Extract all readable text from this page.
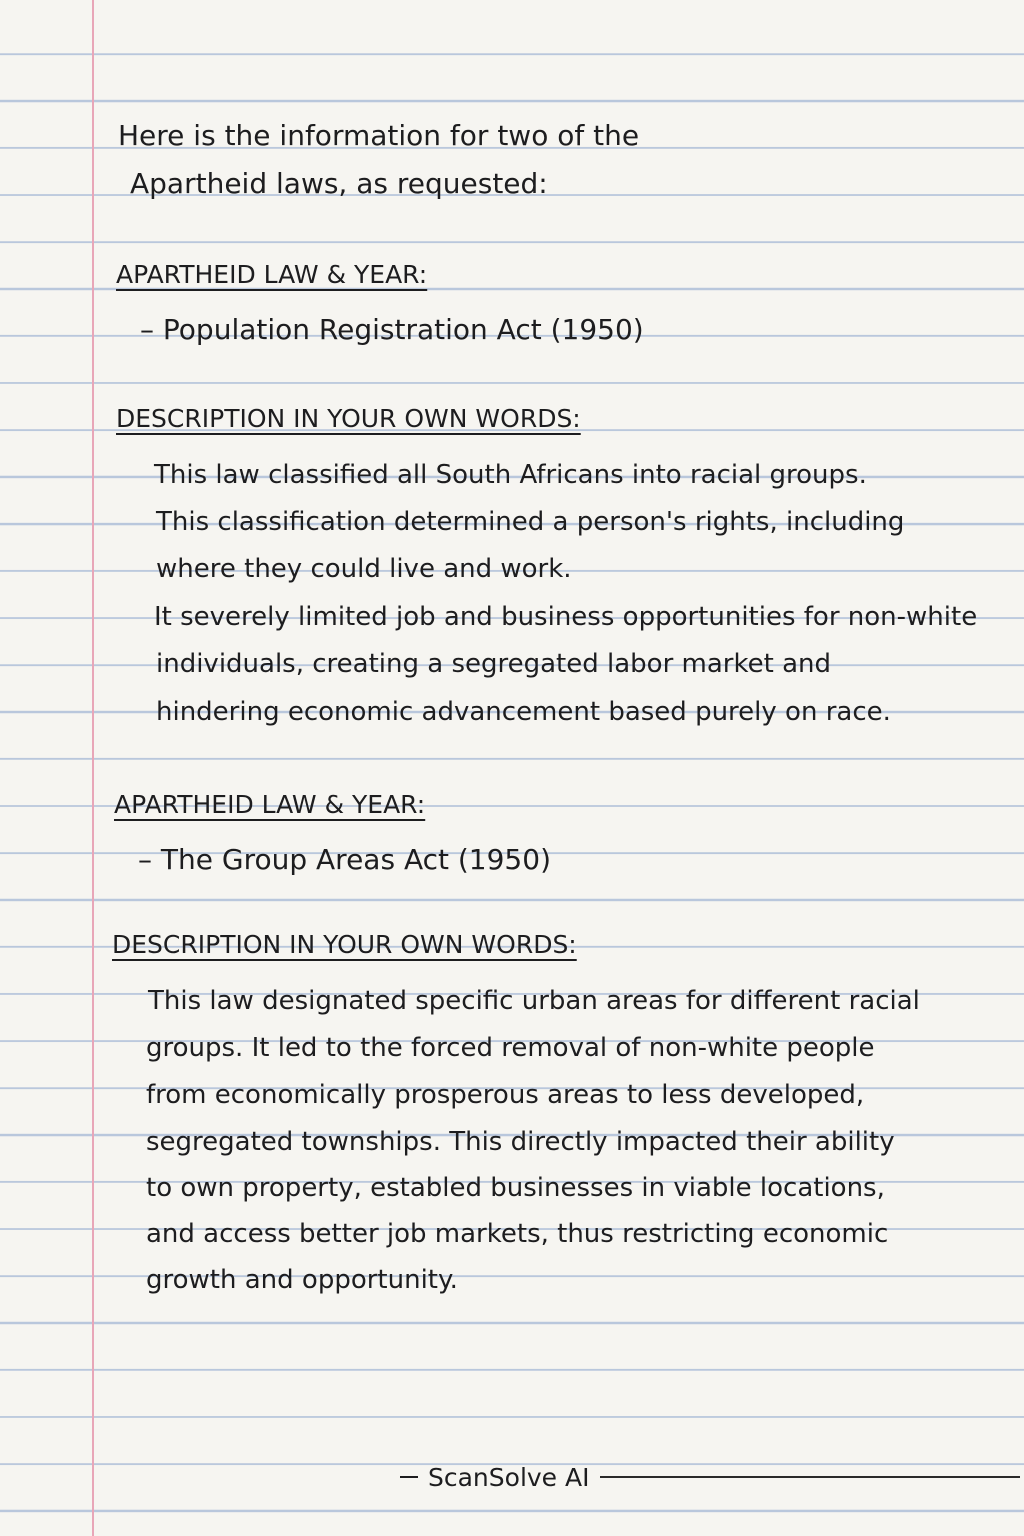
Here is the information for two of the

Apartheid laws, as requested:

APARTHEID LAW & YEAR:

– Population Registration Act (1950)

DESCRIPTION IN YOUR OWN WORDS:

This law classified all South Africans into racial groups.

This classification determined a person's rights, including

where they could live and work.

It severely limited job and business opportunities for non-white

individuals, creating a segregated labor market and

hindering economic advancement based purely on race.

APARTHEID LAW & YEAR:

– The Group Areas Act (1950)

DESCRIPTION IN YOUR OWN WORDS:

This law designated specific urban areas for different racial

groups. It led to the forced removal of non-white people

from economically prosperous areas to less developed,

segregated townships. This directly impacted their ability

to own property, establed businesses in viable locations,

and access better job markets, thus restricting economic

growth and opportunity.

ScanSolve AI
